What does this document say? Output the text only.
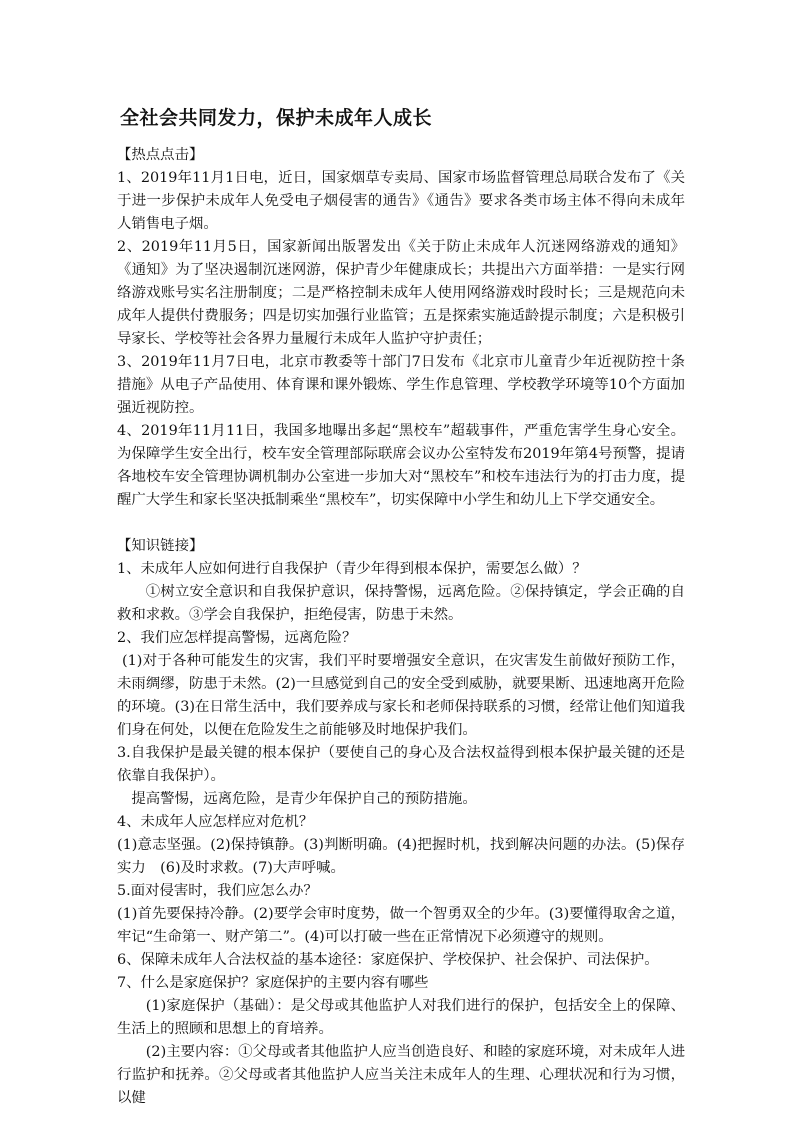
全社会共同发力，保护未成年人成长

【热点点击】

1、2019年11月1日电，近日，国家烟草专卖局、国家市场监督管理总局联合发布了《关于进一步保护未成年人免受电子烟侵害的通告》《通告》要求各类市场主体不得向未成年人销售电子烟。

2、2019年11月5日，国家新闻出版署发出《关于防止未成年人沉迷网络游戏的通知》《通知》为了坚决遏制沉迷网游，保护青少年健康成长；共提出六方面举措：一是实行网络游戏账号实名注册制度；二是严格控制未成年人使用网络游戏时段时长；三是规范向未成年人提供付费服务；四是切实加强行业监管；五是探索实施适龄提示制度；六是积极引导家长、学校等社会各界力量履行未成年人监护守护责任；

3、2019年11月7日电，北京市教委等十部门7日发布《北京市儿童青少年近视防控十条措施》从电子产品使用、体育课和课外锻炼、学生作息管理、学校教学环境等10个方面加强近视防控。

4、2019年11月11日，我国多地曝出多起“黑校车”超载事件，严重危害学生身心安全。为保障学生安全出行，校车安全管理部际联席会议办公室特发布2019年第4号预警，提请各地校车安全管理协调机制办公室进一步加大对“黑校车”和校车违法行为的打击力度，提醒广大学生和家长坚决抵制乘坐“黑校车”，切实保障中小学生和幼儿上下学交通安全。

【知识链接】

1、未成年人应如何进行自我保护（青少年得到根本保护，需要怎么做）？

①树立安全意识和自我保护意识，保持警惕，远离危险。②保持镇定，学会正确的自救和求救。③学会自我保护，拒绝侵害，防患于未然。

2、我们应怎样提高警惕，远离危险？

(1)对于各种可能发生的灾害，我们平时要增强安全意识，在灾害发生前做好预防工作，未雨绸缪，防患于未然。(2)一旦感觉到自己的安全受到威胁，就要果断、迅速地离开危险的环境。(3)在日常生活中，我们要养成与家长和老师保持联系的习惯，经常让他们知道我们身在何处，以便在危险发生之前能够及时地保护我们。

3.自我保护是最关键的根本保护（要使自己的身心及合法权益得到根本保护最关键的还是依靠自我保护）。

提高警惕，远离危险，是青少年保护自己的预防措施。

4、未成年人应怎样应对危机？

(1)意志坚强。(2)保持镇静。(3)判断明确。(4)把握时机，找到解决问题的办法。(5)保存实力　(6)及时求救。(7)大声呼喊。

5.面对侵害时，我们应怎么办？

(1)首先要保持冷静。(2)要学会审时度势，做一个智勇双全的少年。(3)要懂得取舍之道，牢记“生命第一、财产第二”。(4)可以打破一些在正常情况下必须遵守的规则。

6、保障未成年人合法权益的基本途径：家庭保护、学校保护、社会保护、司法保护。

7、什么是家庭保护？家庭保护的主要内容有哪些

(1)家庭保护（基础）：是父母或其他监护人对我们进行的保护，包括安全上的保障、生活上的照顾和思想上的育培养。

(2)主要内容：①父母或者其他监护人应当创造良好、和睦的家庭环境，对未成年人进行监护和抚养。②父母或者其他监护人应当关注未成年人的生理、心理状况和行为习惯，以健
